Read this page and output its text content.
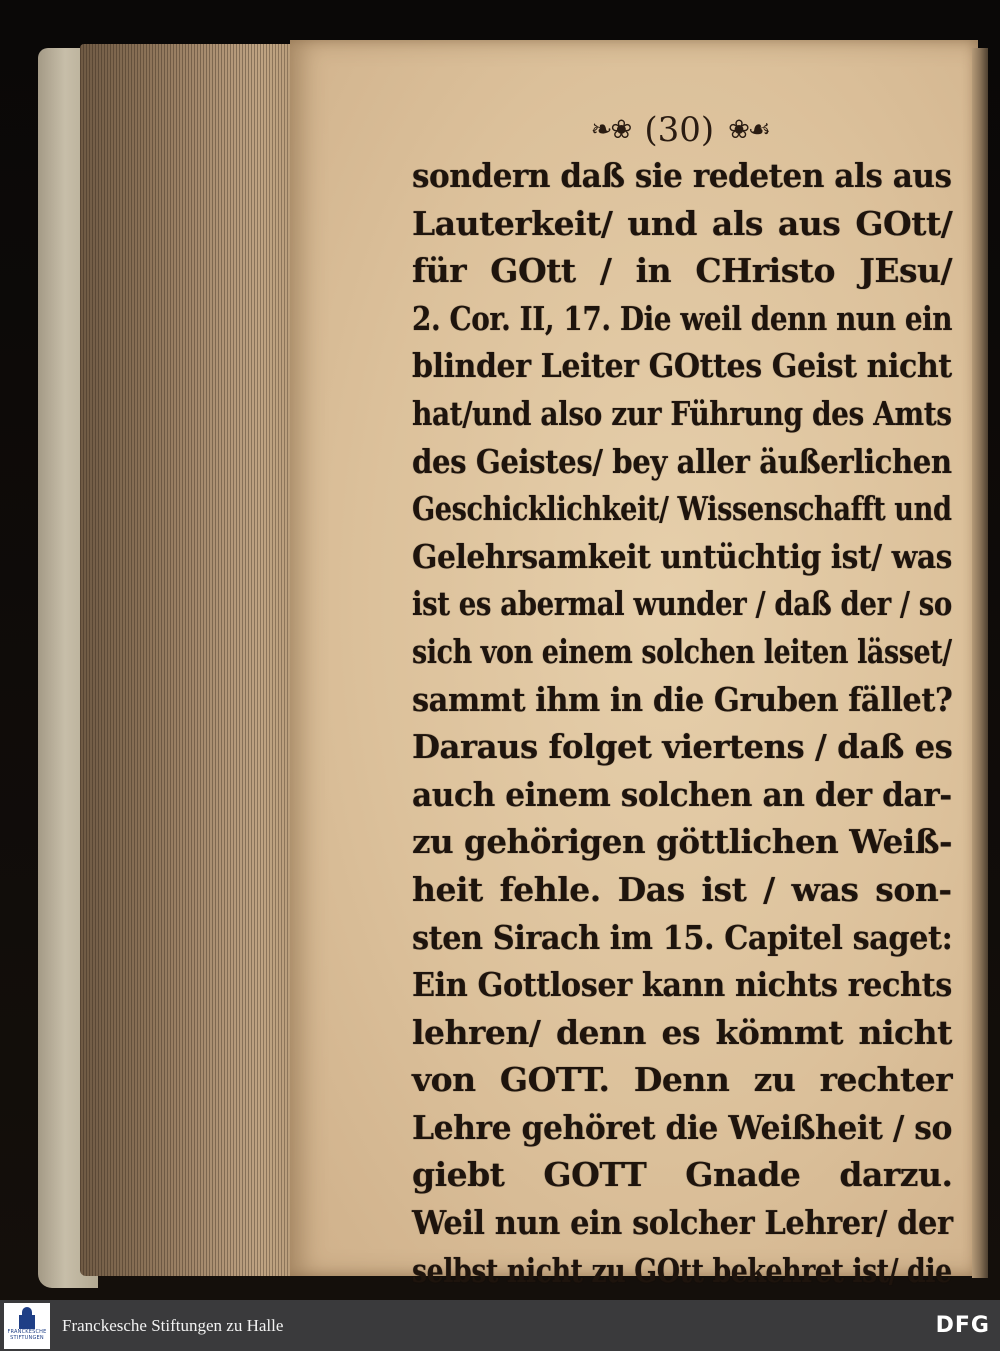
❧❀ (30) ❀☙
sondern daß sie redeten als aus
Lauterkeit/ und als aus GOtt/
für GOtt / in CHristo JEsu/
2. Cor. II, 17. Die weil denn nun ein
blinder Leiter GOttes Geist nicht
hat/und also zur Führung des Amts
des Geistes/ bey aller äußerlichen
Geschicklichkeit/ Wissenschafft und
Gelehrsamkeit untüchtig ist/ was
ist es abermal wunder / daß der / so
sich von einem solchen leiten lässet/
sammt ihm in die Gruben fället?
Daraus folget viertens / daß es
auch einem solchen an der dar-
zu gehörigen göttlichen Weiß-
heit fehle. Das ist / was son-
sten Sirach im 15. Capitel saget:
Ein Gottloser kann nichts rechts
lehren/ denn es kömmt nicht
von GOTT. Denn zu rechter
Lehre gehöret die Weißheit / so
giebt GOTT Gnade darzu.
Weil nun ein solcher Lehrer/ der
selbst nicht zu GOtt bekehret ist/ die
FRANCKESCHE
STIFTUNGEN
Franckesche Stiftungen zu Halle	DFG
